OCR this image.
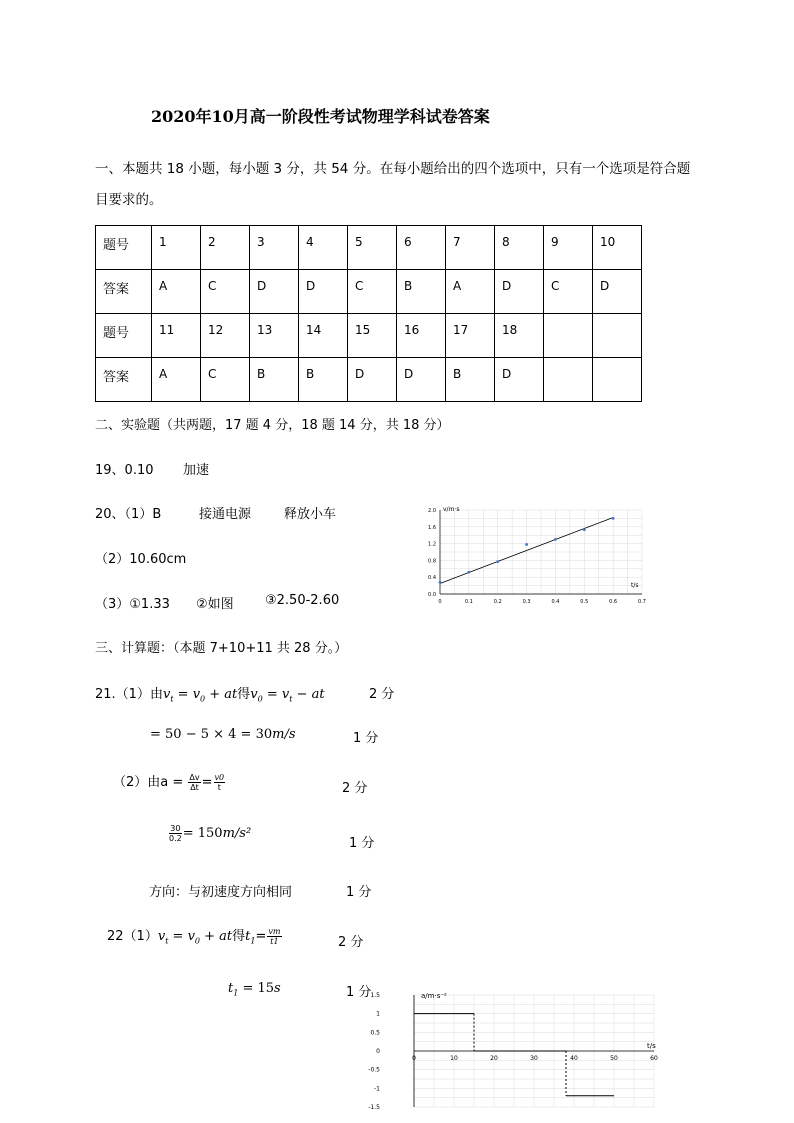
2020年10月高一阶段性考试物理学科试卷答案
一、本题共 18 小题，每小题 3 分，共 54 分。在每小题给出的四个选项中，只有一个选项是符合题
目要求的。
题号	1	2	3	4	5	6	7	8	9	10
答案	A	C	D	D	C	B	A	D	C	D
题号	11	12	13	14	15	16	17	18		
答案	A	C	B	B	D	D	B	D		
二、实验题（共两题，17 题 4 分，18 题 14 分，共 18 分）
19、0.10 加速
20、（1）B	接通电源	释放小车
（2）10.60cm
（3）①1.33 ②如图 ③2.50-2.60	0	0.1	0.2	0.3	0.4	0.5	0.6	0.7
0.0
0.4
0.8
1.2
1.6
2.0 v/m·s
t/s
三、计算题：（本题 7+10+11 共 28 分。）
21.（1）由$v_t = v_0$ + at得$v_0 = v_t$ − at	2 分
= 50 − 5 × 4 = 30m/s	1 分
（2）由$a = \frac{\Delta v}{\Delta t} = \frac{v0}{t}$	2 分
$\frac{30}{0.2} = 150m/s^2$
1 分
方向：与初速度方向相同	1 分
$22(1)v_t = v_0$ + at得$t_1= \frac{vm}{t1}$	2 分
$t_1 = 15s$	1 分
0	10	20	30	40	50	60
1.5
1
0.5
0
-0.5
-1
-1.5
a/m·s⁻²
t/s
